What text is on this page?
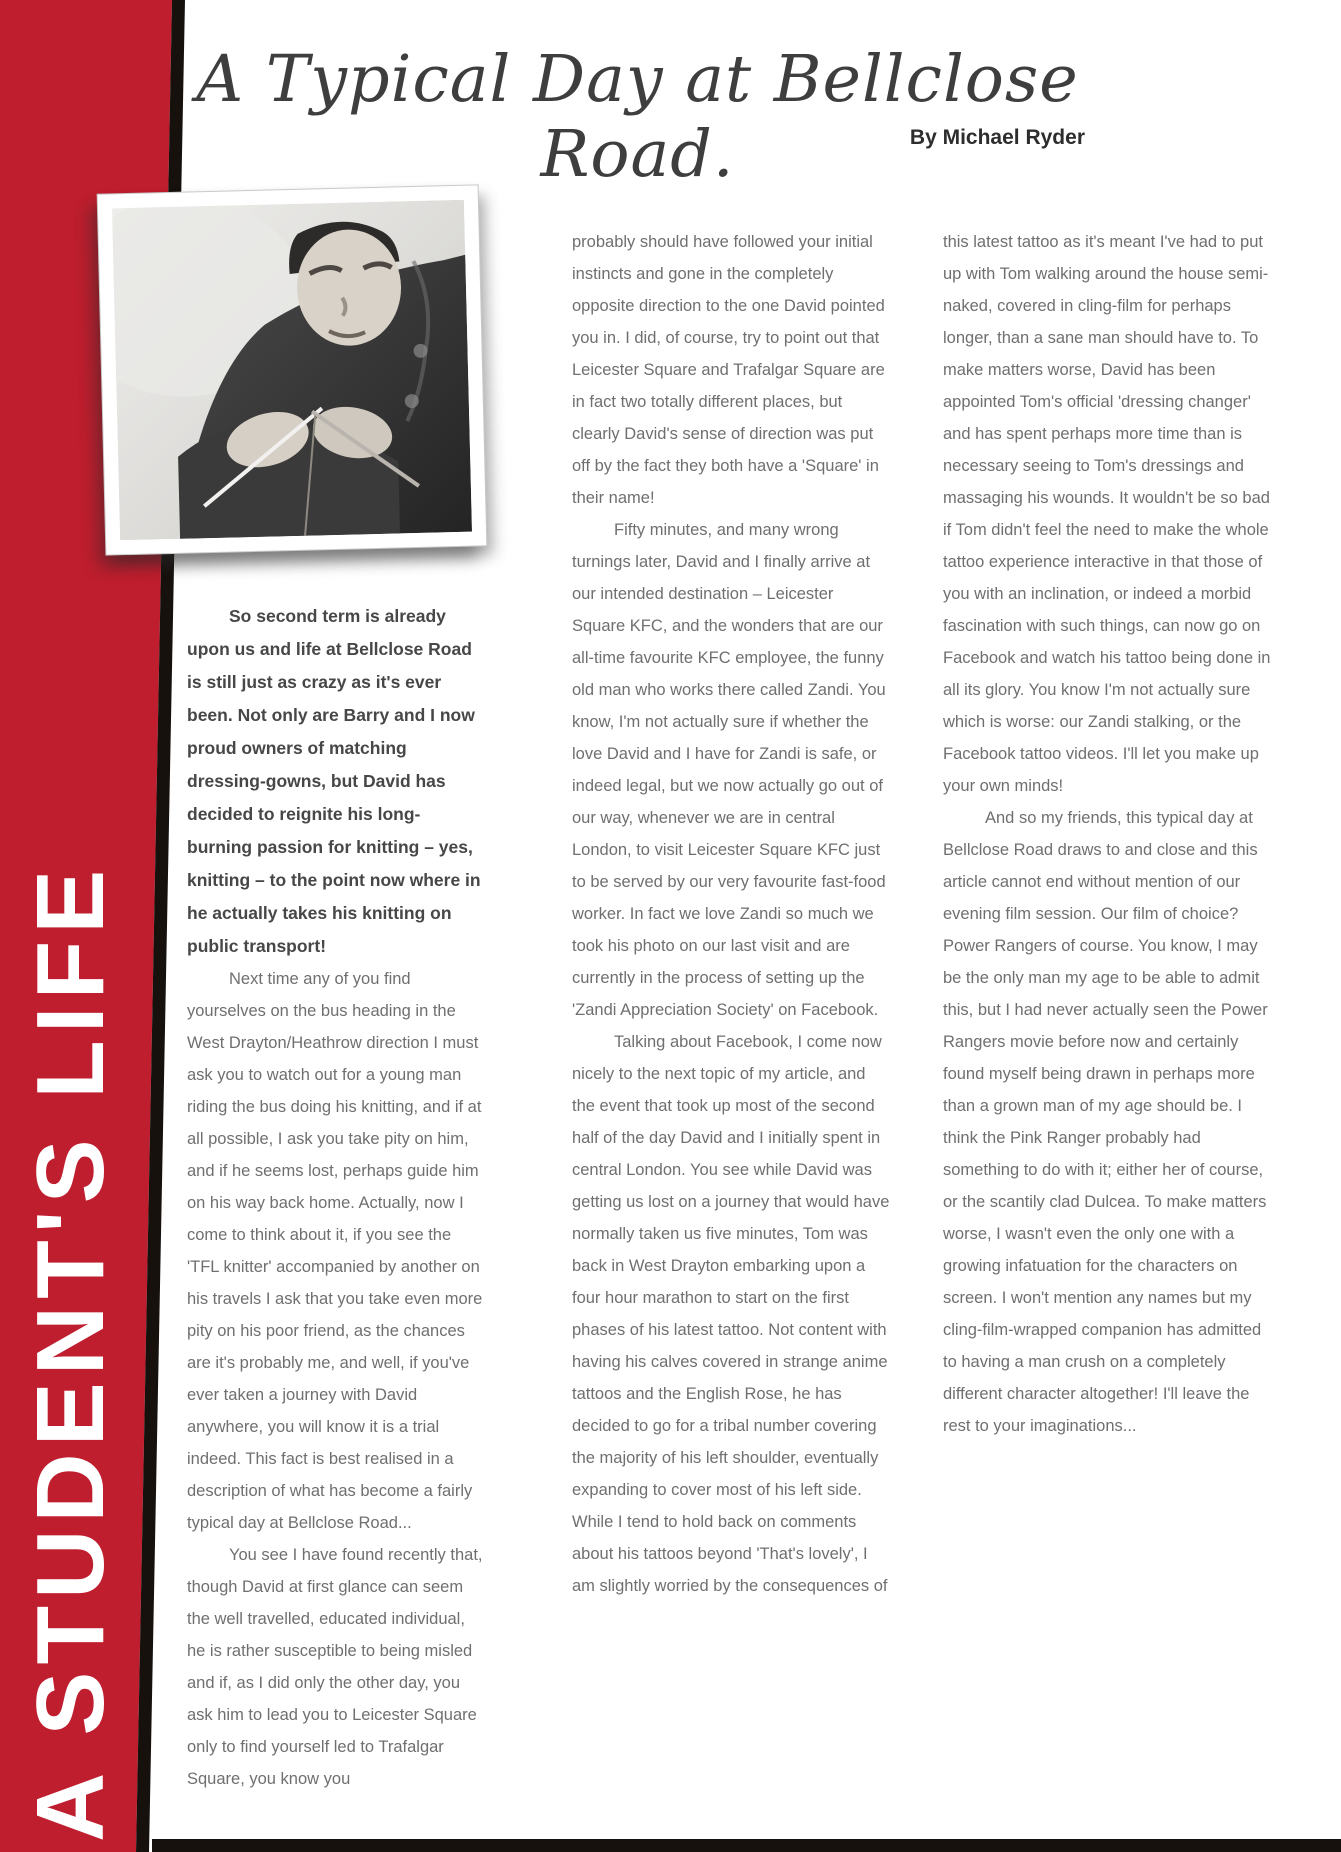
A STUDENT'S LIFE
A Typical Day at Bellclose Road.	By Michael Ryder

So second term is already upon us and life at Bellclose Road is still just as crazy as it's ever been. Not only are Barry and I now proud owners of matching dressing-gowns, but David has decided to reignite his long-burning passion for knitting – yes, knitting – to the point now where in he actually takes his knitting on public transport!

Next time any of you find yourselves on the bus heading in the West Drayton/Heathrow direction I must ask you to watch out for a young man riding the bus doing his knitting, and if at all possible, I ask you take pity on him, and if he seems lost, perhaps guide him on his way back home. Actually, now I come to think about it, if you see the 'TFL knitter' accompanied by another on his travels I ask that you take even more pity on his poor friend, as the chances are it's probably me, and well, if you've ever taken a journey with David anywhere, you will know it is a trial indeed. This fact is best realised in a description of what has become a fairly typical day at Bellclose Road...

You see I have found recently that, though David at first glance can seem the well travelled, educated individual, he is rather susceptible to being misled and if, as I did only the other day, you ask him to lead you to Leicester Square only to find yourself led to Trafalgar Square, you know you

probably should have followed your initial instincts and gone in the completely opposite direction to the one David pointed you in. I did, of course, try to point out that Leicester Square and Trafalgar Square are in fact two totally different places, but clearly David's sense of direction was put off by the fact they both have a 'Square' in their name!

Fifty minutes, and many wrong turnings later, David and I finally arrive at our intended destination – Leicester Square KFC, and the wonders that are our all-time favourite KFC employee, the funny old man who works there called Zandi. You know, I'm not actually sure if whether the love David and I have for Zandi is safe, or indeed legal, but we now actually go out of our way, whenever we are in central London, to visit Leicester Square KFC just to be served by our very favourite fast-food worker. In fact we love Zandi so much we took his photo on our last visit and are currently in the process of setting up the 'Zandi Appreciation Society' on Facebook.

Talking about Facebook, I come now nicely to the next topic of my article, and the event that took up most of the second half of the day David and I initially spent in central London. You see while David was getting us lost on a journey that would have normally taken us five minutes, Tom was back in West Drayton embarking upon a four hour marathon to start on the first phases of his latest tattoo. Not content with having his calves covered in strange anime tattoos and the English Rose, he has decided to go for a tribal number covering the majority of his left shoulder, eventually expanding to cover most of his left side. While I tend to hold back on comments about his tattoos beyond 'That's lovely', I am slightly worried by the consequences of

this latest tattoo as it's meant I've had to put up with Tom walking around the house semi-naked, covered in cling-film for perhaps longer, than a sane man should have to. To make matters worse, David has been appointed Tom's official 'dressing changer' and has spent perhaps more time than is necessary seeing to Tom's dressings and massaging his wounds. It wouldn't be so bad if Tom didn't feel the need to make the whole tattoo experience interactive in that those of you with an inclination, or indeed a morbid fascination with such things, can now go on Facebook and watch his tattoo being done in all its glory. You know I'm not actually sure which is worse: our Zandi stalking, or the Facebook tattoo videos. I'll let you make up your own minds!

And so my friends, this typical day at Bellclose Road draws to and close and this article cannot end without mention of our evening film session. Our film of choice? Power Rangers of course. You know, I may be the only man my age to be able to admit this, but I had never actually seen the Power Rangers movie before now and certainly found myself being drawn in perhaps more than a grown man of my age should be. I think the Pink Ranger probably had something to do with it; either her of course, or the scantily clad Dulcea. To make matters worse, I wasn't even the only one with a growing infatuation for the characters on screen. I won't mention any names but my cling-film-wrapped companion has admitted to having a man crush on a completely different character altogether! I'll leave the rest to your imaginations...
